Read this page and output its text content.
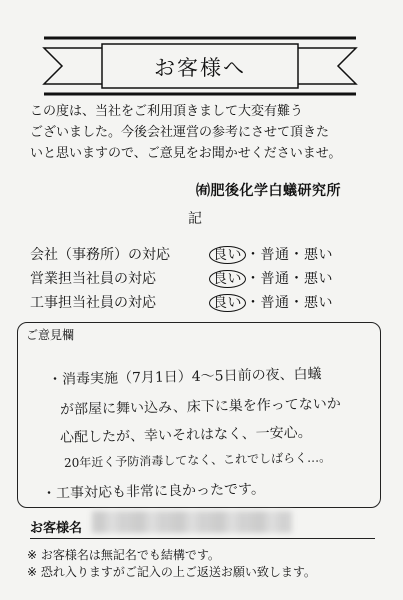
お客様へ

この度は、当社をご利用頂きまして大変有難う
ございました。今後会社運営の参考にさせて頂きた
いと思いますので、ご意見をお聞かせくださいませ。

㈲肥後化学白蟻研究所
記
会社（事務所）の対応	良い ・普通・悪い
営業担当社員の対応	良い ・普通・悪い
工事担当社員の対応	良い ・普通・悪い
ご意見欄
・消毒実施（7月1日）4〜5日前の夜、白蟻
が部屋に舞い込み、床下に巣を作ってないか
心配したが、幸いそれはなく、一安心。
20年近く予防消毒してなく、これでしばらく…。
・工事対応も非常に良かったです。
お客様名
※ お客様名は無記名でも結構です。
※ 恐れ入りますがご記入の上ご返送お願い致します。
